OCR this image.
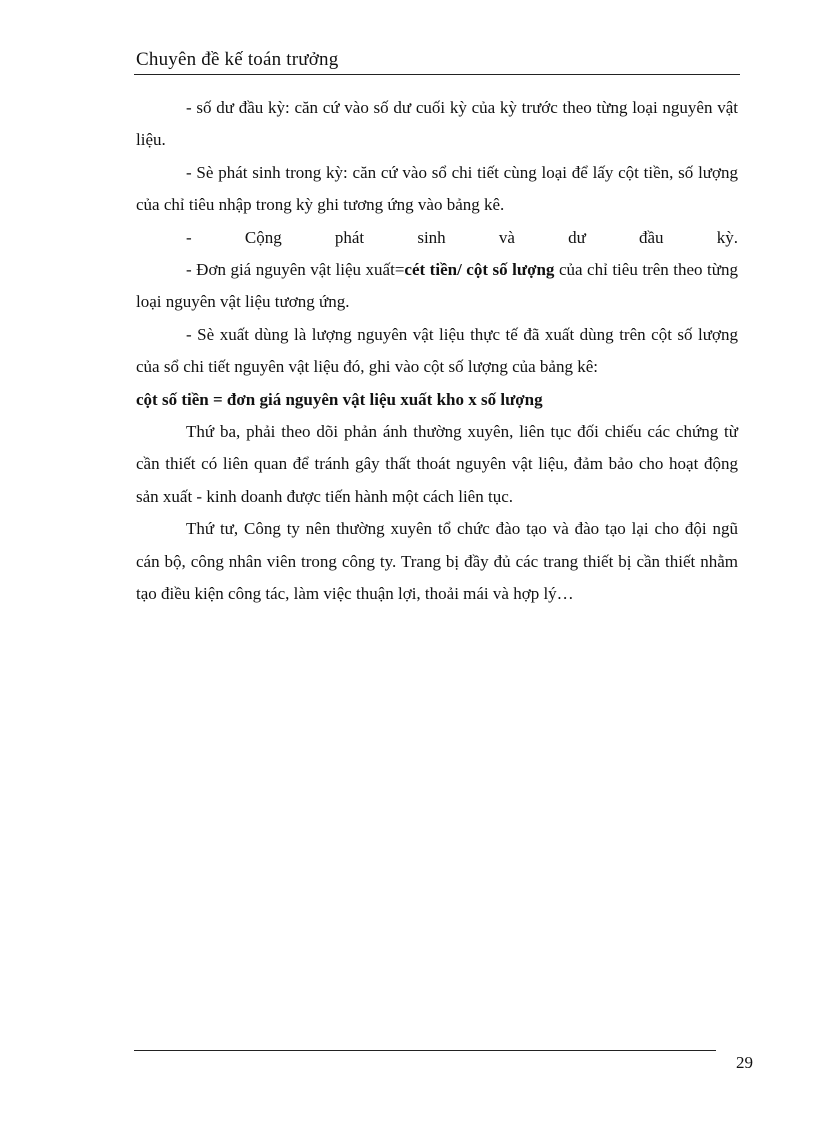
Chuyên đề kế toán trưởng

- số dư đầu kỳ: căn cứ vào số dư cuối kỳ của kỳ trước theo từng loại nguyên vật liệu.

- Sè phát sinh trong kỳ: căn cứ vào sổ chi tiết cùng loại để lấy cột tiền, số lượng của chỉ tiêu nhập trong kỳ ghi tương ứng vào bảng kê.

- Cộng phát sinh và dư đầu kỳ.

- Đơn giá nguyên vật liệu xuất=cét tiền/ cột số lượng của chỉ tiêu trên theo từng loại nguyên vật liệu tương ứng.

- Sè xuất dùng là lượng nguyên vật liệu thực tế đã xuất dùng trên cột số lượng của sổ chi tiết nguyên vật liệu đó, ghi vào cột số lượng của bảng kê:

cột số tiền = đơn giá nguyên vật liệu xuất kho x số lượng

Thứ ba, phải theo dõi phản ánh thường xuyên, liên tục đối chiếu các chứng từ cần thiết có liên quan để tránh gây thất thoát nguyên vật liệu, đảm bảo cho hoạt động sản xuất - kinh doanh được tiến hành một cách liên tục.

Thứ tư, Công ty nên thường xuyên tổ chức đào tạo và đào tạo lại cho đội ngũ cán bộ, công nhân viên trong công ty. Trang bị đầy đủ các trang thiết bị cần thiết nhằm tạo điều kiện công tác, làm việc thuận lợi, thoải mái và hợp lý…

29
